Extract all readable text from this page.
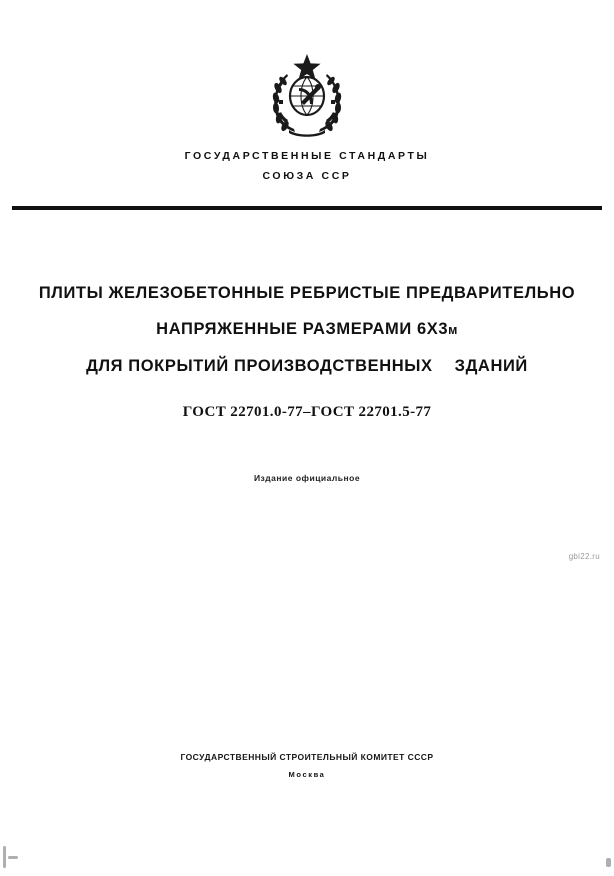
ГОСУДАРСТВЕННЫЕ СТАНДАРТЫ
СОЮЗА ССР
ПЛИТЫ ЖЕЛЕЗОБЕТОННЫЕ РЕБРИСТЫЕ ПРЕДВАРИТЕЛЬНО
НАПРЯЖЕННЫЕ РАЗМЕРАМИ 6Х3м
ДЛЯ ПОКРЫТИЙ ПРОИЗВОДСТВЕННЫХ ЗДАНИЙ
ГОСТ 22701.0-77–ГОСТ 22701.5-77
Издание официальное
gbi22.ru
ГОСУДАРСТВЕННЫЙ СТРОИТЕЛЬНЫЙ КОМИТЕТ СССР
Москва
